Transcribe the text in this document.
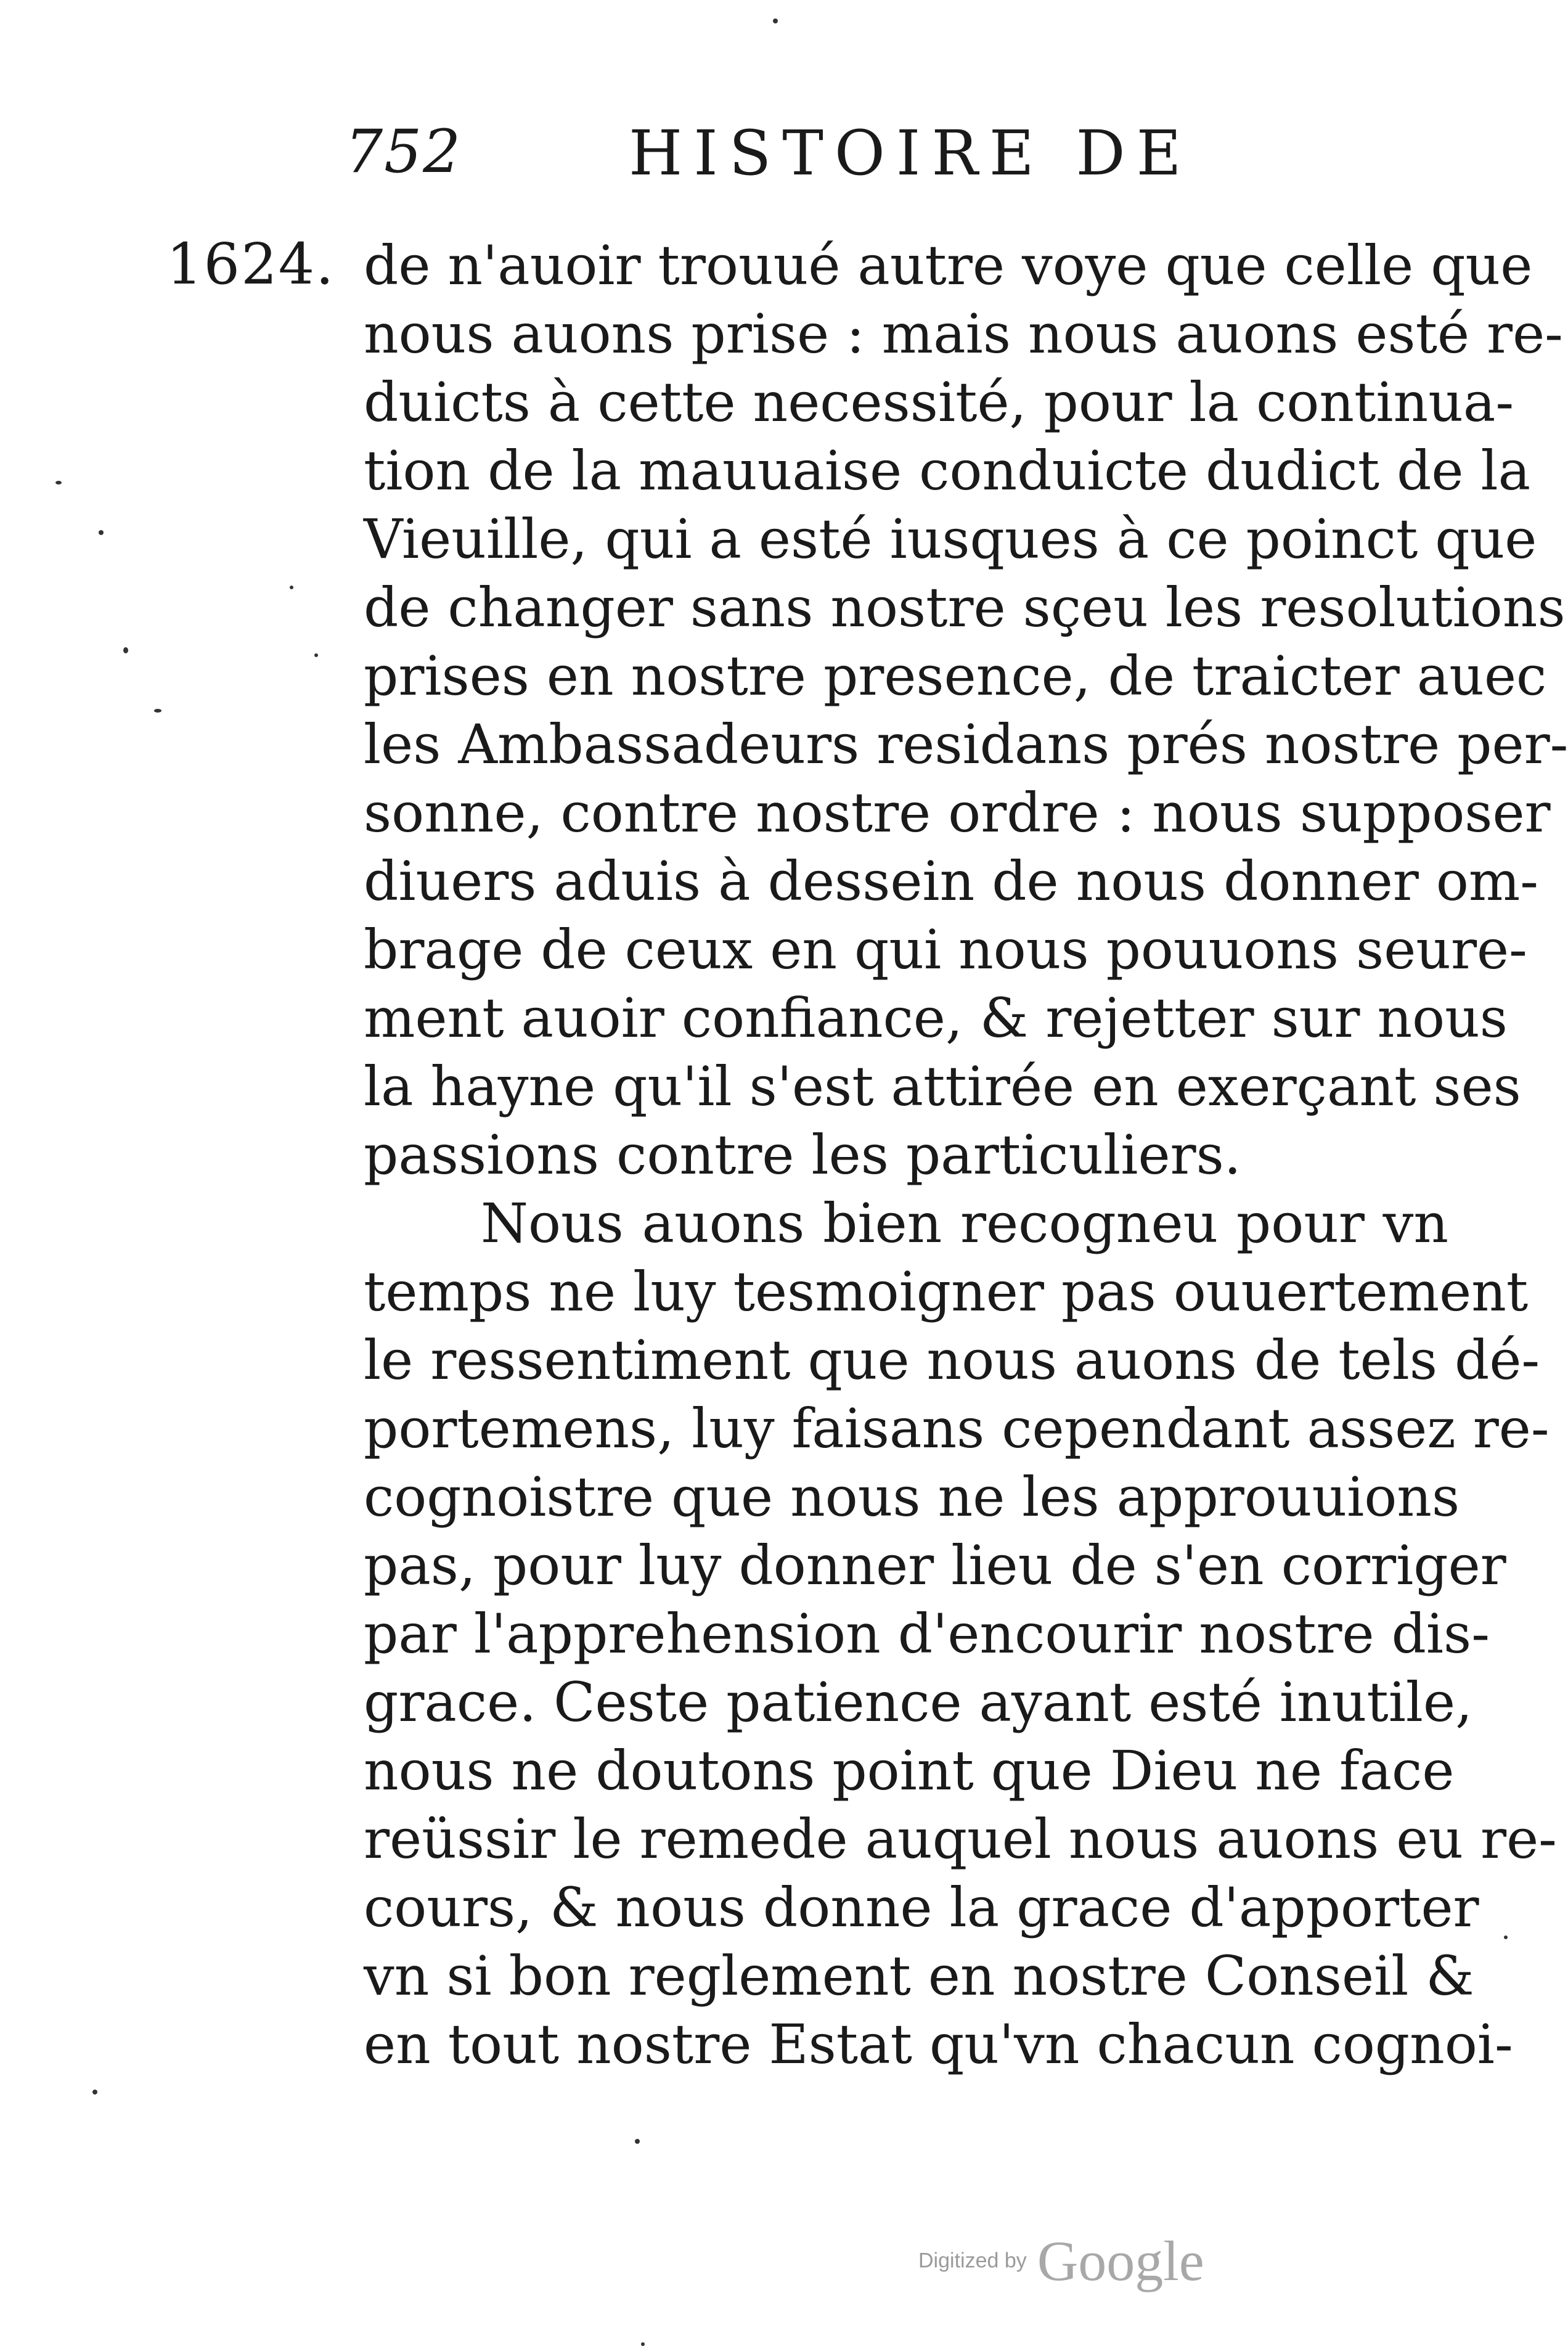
752	HISTOIRE DE
1624. de n'auoir trouué autre voye que celle que
nous auons prise : mais nous auons esté re-
duicts à cette necessité, pour la continua-
tion de la mauuaise conduicte dudict de la
Vieuille, qui a esté iusques à ce poinct que
de changer sans nostre sçeu les resolutions
prises en nostre presence, de traicter auec
les Ambassadeurs residans prés nostre per-
sonne, contre nostre ordre : nous supposer
diuers aduis à dessein de nous donner om-
brage de ceux en qui nous pouuons seure-
ment auoir confiance, & rejetter sur nous
la hayne qu'il s'est attirée en exerçant ses
passions contre les particuliers.
Nous auons bien recogneu pour vn
temps ne luy tesmoigner pas ouuertement
le ressentiment que nous auons de tels dé-
portemens, luy faisans cependant assez re-
cognoistre que nous ne les approuuions
pas, pour luy donner lieu de s'en corriger
par l'apprehension d'encourir nostre dis-
grace. Ceste patience ayant esté inutile,
nous ne doutons point que Dieu ne face
reüssir le remede auquel nous auons eu re-
cours, & nous donne la grace d'apporter
vn si bon reglement en nostre Conseil &
en tout nostre Estat qu'vn chacun cognoi-
Digitized by Google
